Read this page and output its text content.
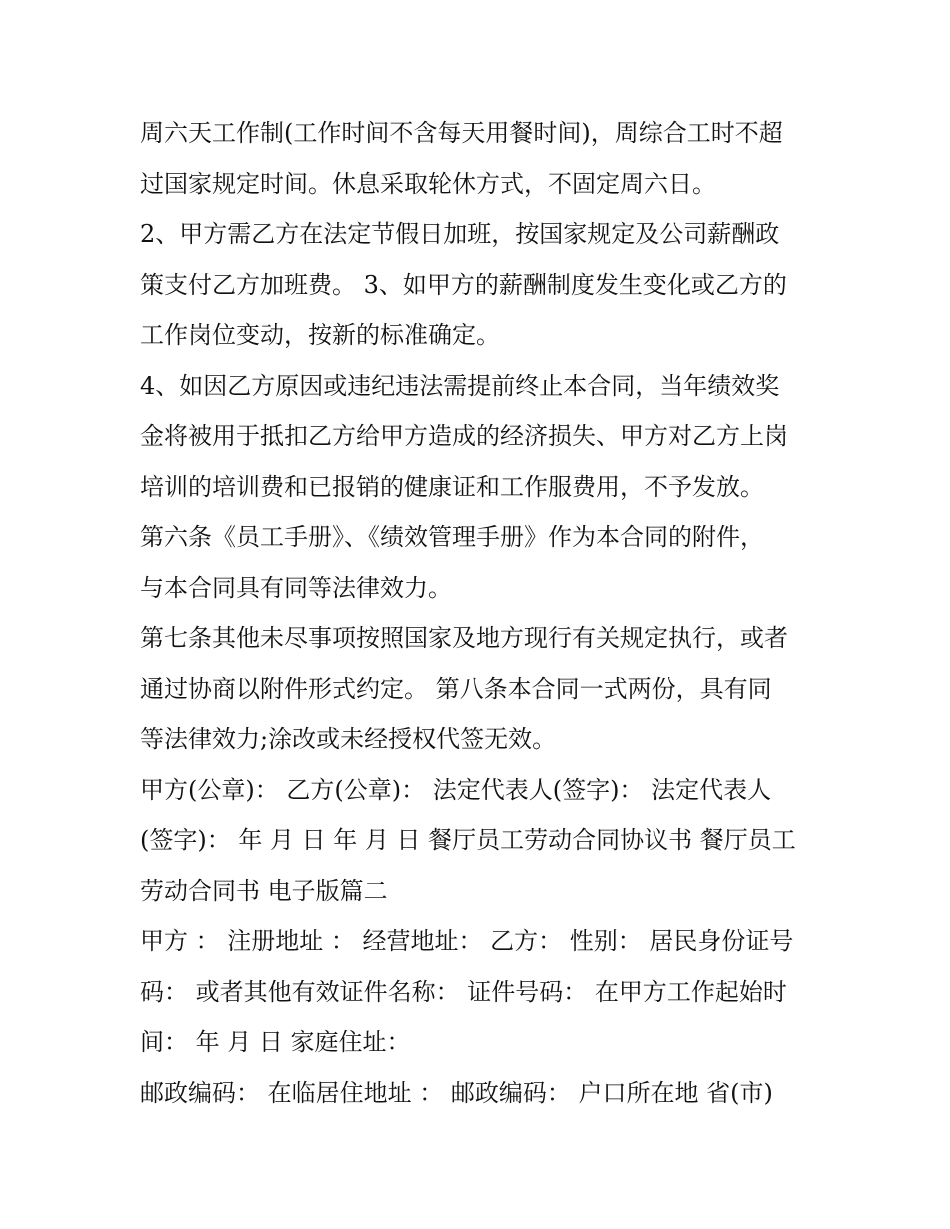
周六天工作制(工作时间不含每天用餐时间)，周综合工时不超
过国家规定时间。休息采取轮休方式，不固定周六日。
2、甲方需乙方在法定节假日加班，按国家规定及公司薪酬政
策支付乙方加班费。 3、如甲方的薪酬制度发生变化或乙方的
工作岗位变动，按新的标准确定。
4、如因乙方原因或违纪违法需提前终止本合同，当年绩效奖
金将被用于抵扣乙方给甲方造成的经济损失、甲方对乙方上岗
培训的培训费和已报销的健康证和工作服费用，不予发放。
第六条《员工手册》、《绩效管理手册》作为本合同的附件，
与本合同具有同等法律效力。
第七条其他未尽事项按照国家及地方现行有关规定执行，或者
通过协商以附件形式约定。 第八条本合同一式两份，具有同
等法律效力;涂改或未经授权代签无效。
甲方(公章)： 乙方(公章)： 法定代表人(签字)： 法定代表人
(签字)： 年 月 日 年 月 日 餐厅员工劳动合同协议书 餐厅员工
劳动合同书 电子版篇二
甲方 ： 注册地址 ： 经营地址： 乙方： 性别： 居民身份证号
码： 或者其他有效证件名称： 证件号码： 在甲方工作起始时
间： 年 月 日 家庭住址：
邮政编码： 在临居住地址 ： 邮政编码： 户口所在地 省(市)
